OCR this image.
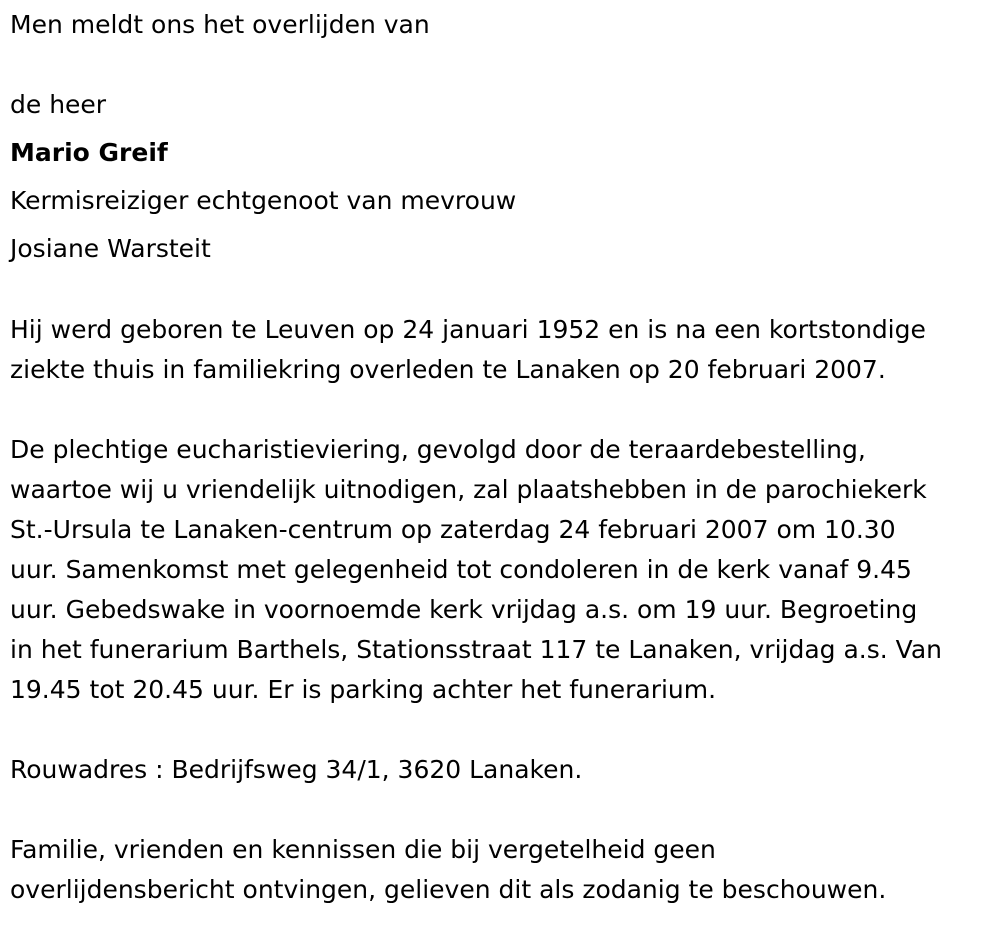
Men meldt ons het overlijden van
de heer
Mario Greif
Kermisreiziger echtgenoot van mevrouw
Josiane Warsteit
Hij werd geboren te Leuven op 24 januari 1952 en is na een kortstondige
ziekte thuis in familiekring overleden te Lanaken op 20 februari 2007.
De plechtige eucharistieviering, gevolgd door de teraardebestelling,
waartoe wij u vriendelijk uitnodigen, zal plaatshebben in de parochiekerk
St.-Ursula te Lanaken-centrum op zaterdag 24 februari 2007 om 10.30
uur. Samenkomst met gelegenheid tot condoleren in de kerk vanaf 9.45
uur. Gebedswake in voornoemde kerk vrijdag a.s. om 19 uur. Begroeting
in het funerarium Barthels, Stationsstraat 117 te Lanaken, vrijdag a.s. Van
19.45 tot 20.45 uur. Er is parking achter het funerarium.
Rouwadres : Bedrijfsweg 34/1, 3620 Lanaken.
Familie, vrienden en kennissen die bij vergetelheid geen
overlijdensbericht ontvingen, gelieven dit als zodanig te beschouwen.
